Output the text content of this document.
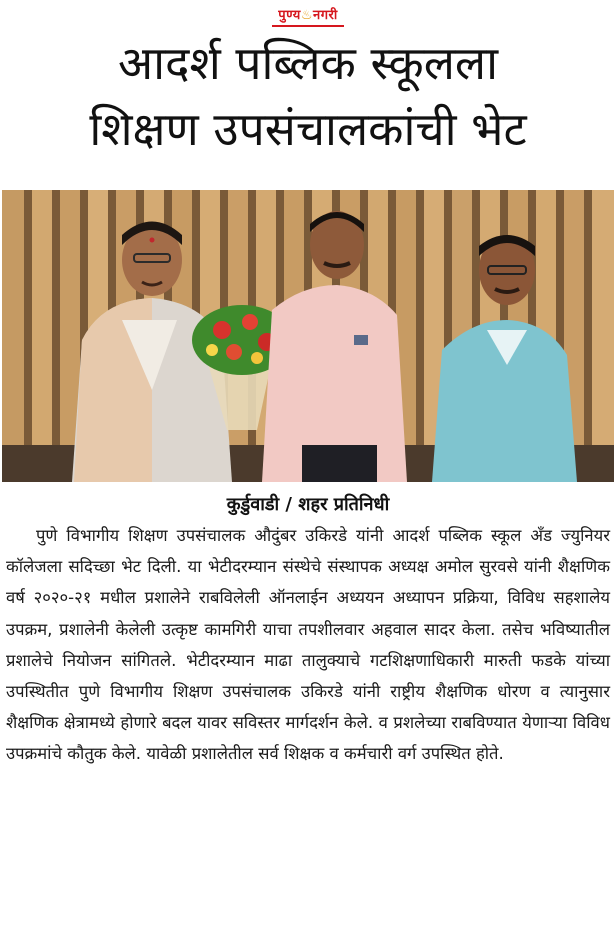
पुण्य♨नगरी
आदर्श पब्लिक स्कूलला
शिक्षण उपसंचालकांची भेट
कुर्डुवाडी / शहर प्रतिनिधी

पुणे विभागीय शिक्षण उपसंचालक औदुंबर उकिरडे यांनी आदर्श पब्लिक स्कूल अँड ज्युनियर कॉलेजला सदिच्छा भेट दिली. या भेटीदरम्यान संस्थेचे संस्थापक अध्यक्ष अमोल सुरवसे यांनी शैक्षणिक वर्ष २०२०-२१ मधील प्रशालेने राबविलेली ऑनलाईन अध्ययन अध्यापन प्रक्रिया, विविध सहशालेय उपक्रम, प्रशालेनी केलेली उत्कृष्ट कामगिरी याचा तपशीलवार अहवाल सादर केला. तसेच भविष्यातील प्रशालेचे नियोजन सांगितले. भेटीदरम्यान माढा तालुक्याचे गटशिक्षणाधिकारी मारुती फडके यांच्या उपस्थितीत पुणे विभागीय शिक्षण उपसंचालक उकिरडे यांनी राष्ट्रीय शैक्षणिक धोरण व त्यानुसार शैक्षणिक क्षेत्रामध्ये होणारे बदल यावर सविस्तर मार्गदर्शन केले. व प्रशलेच्या राबविण्यात येणाऱ्या विविध उपक्रमांचे कौतुक केले. यावेळी प्रशालेतील सर्व शिक्षक व कर्मचारी वर्ग उपस्थित होते.
